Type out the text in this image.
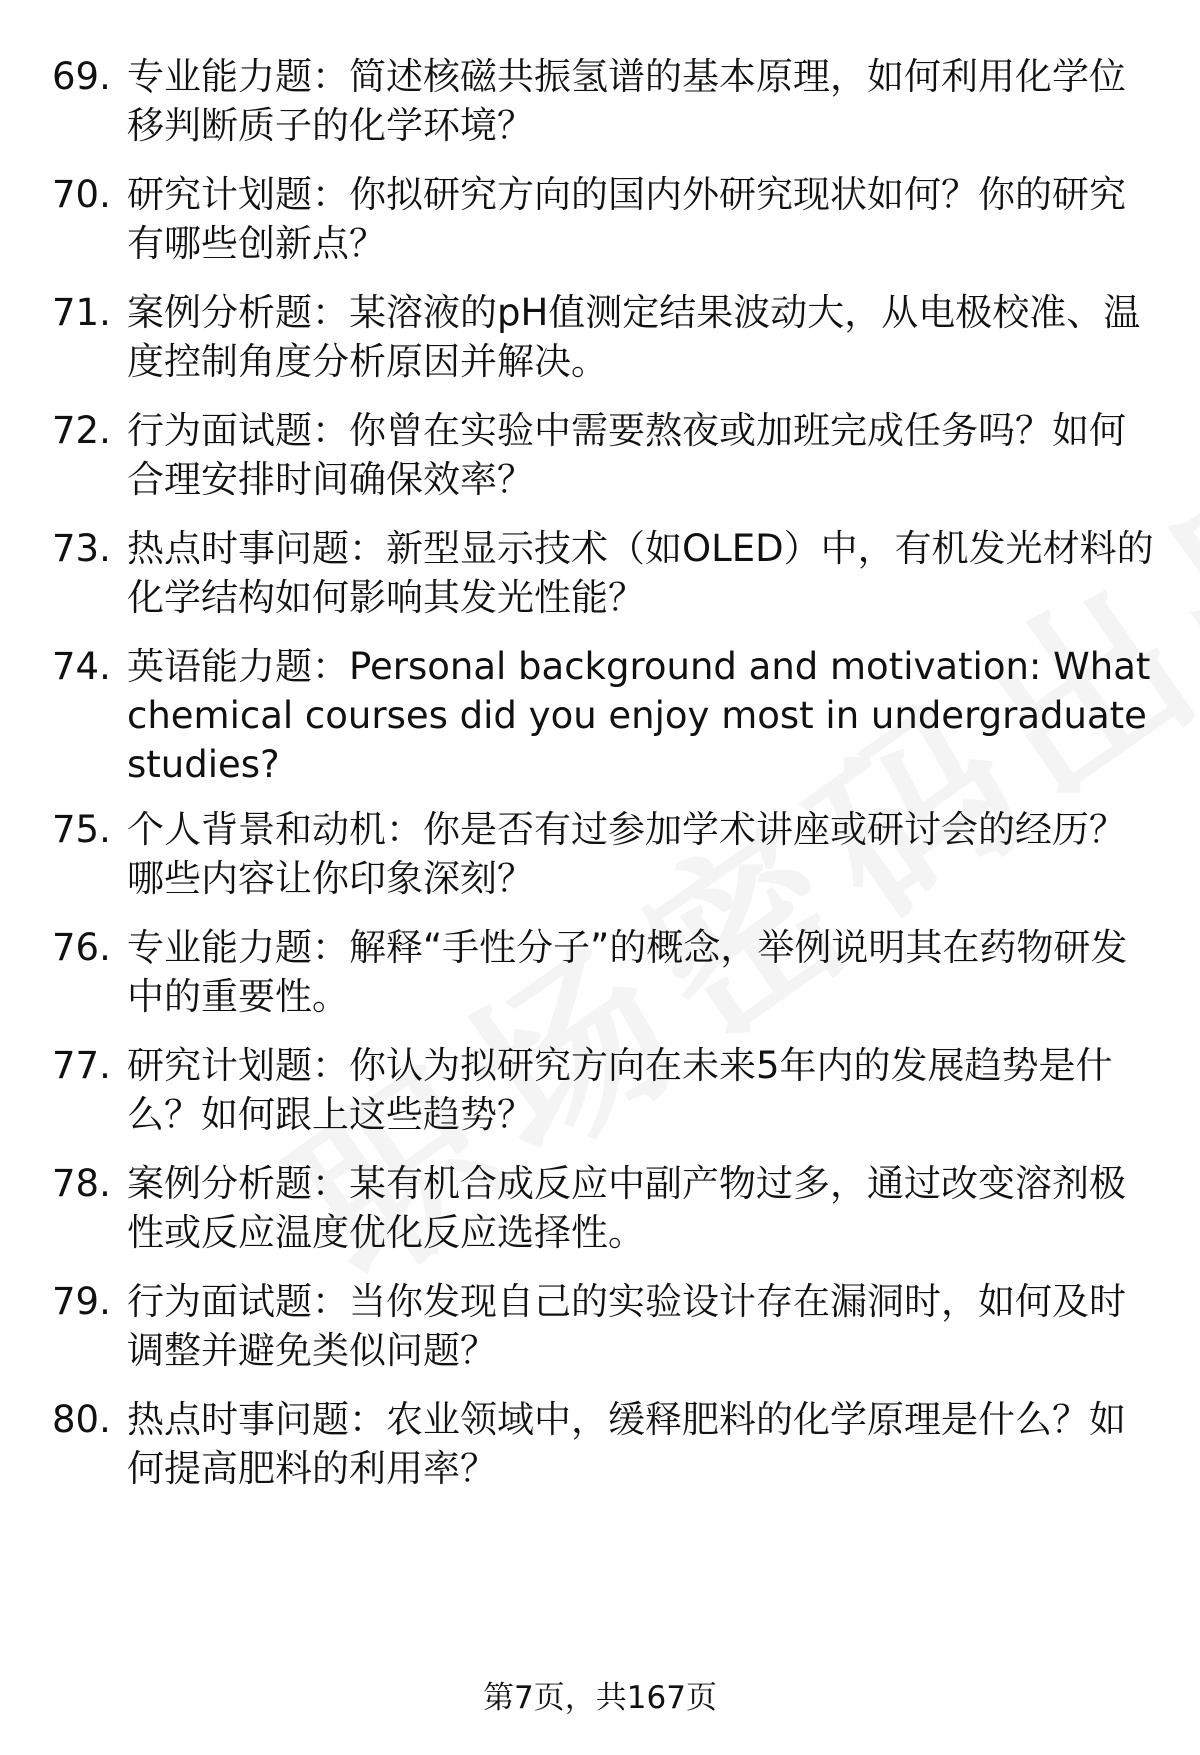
69. 专业能力题：简述核磁共振氢谱的基本原理，如何利用化学位移判断质子的化学环境？
70. 研究计划题：你拟研究方向的国内外研究现状如何？你的研究有哪些创新点？
71. 案例分析题：某溶液的pH值测定结果波动大，从电极校准、温度控制角度分析原因并解决。
72. 行为面试题：你曾在实验中需要熬夜或加班完成任务吗？如何合理安排时间确保效率？
73. 热点时事问题：新型显示技术（如OLED）中，有机发光材料的化学结构如何影响其发光性能？
74. 英语能力题：Personal background and motivation: What chemical courses did you enjoy most in undergraduate studies?
75. 个人背景和动机：你是否有过参加学术讲座或研讨会的经历？哪些内容让你印象深刻？
76. 专业能力题：解释“手性分子”的概念，举例说明其在药物研发中的重要性。
77. 研究计划题：你认为拟研究方向在未来5年内的发展趋势是什么？如何跟上这些趋势？
78. 案例分析题：某有机合成反应中副产物过多，通过改变溶剂极性或反应温度优化反应选择性。
79. 行为面试题：当你发现自己的实验设计存在漏洞时，如何及时调整并避免类似问题？
80. 热点时事问题：农业领域中，缓释肥料的化学原理是什么？如何提高肥料的利用率？
第7页，共167页
